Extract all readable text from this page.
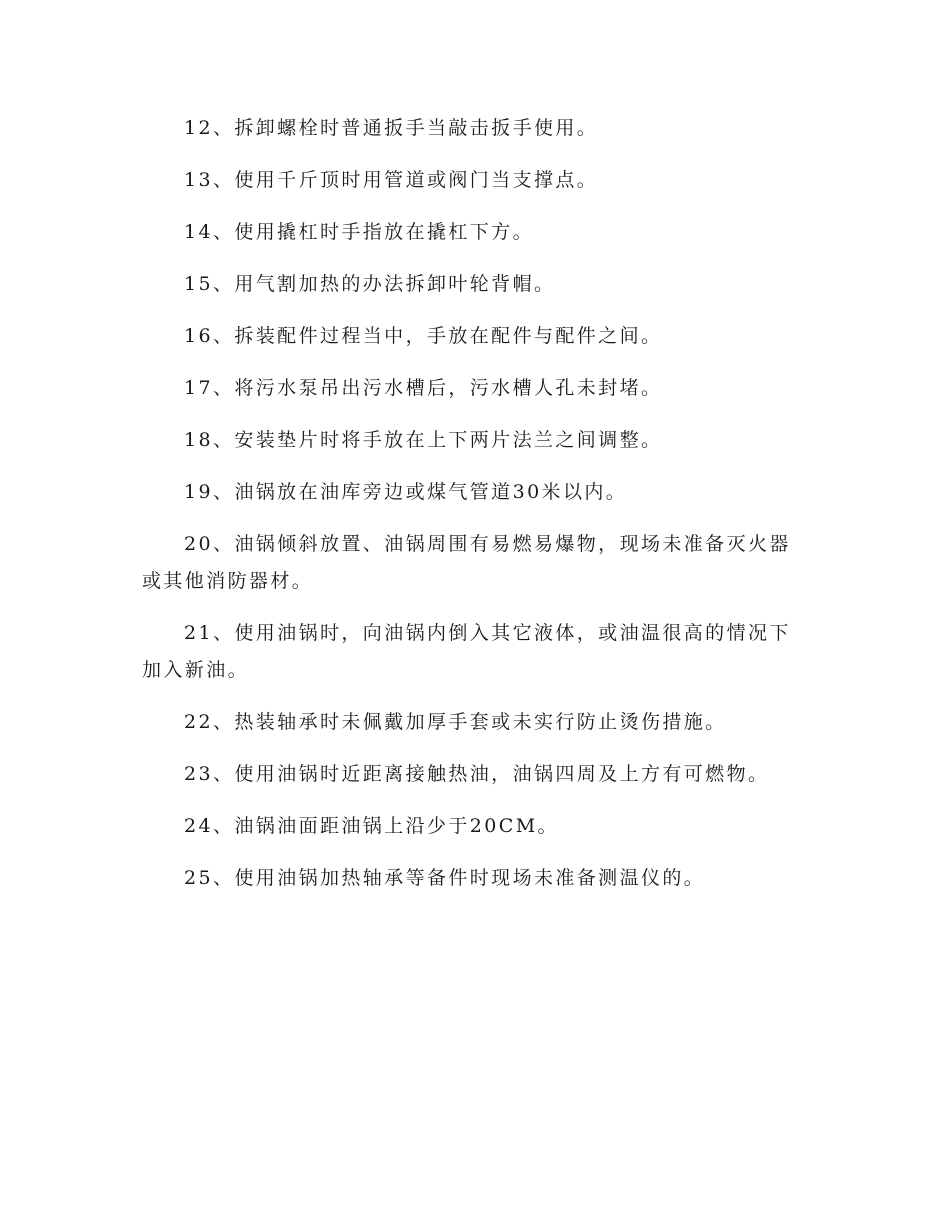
12、拆卸螺栓时普通扳手当敲击扳手使用。
13、使用千斤顶时用管道或阀门当支撑点。
14、使用撬杠时手指放在撬杠下方。
15、用气割加热的办法拆卸叶轮背帽。
16、拆装配件过程当中，手放在配件与配件之间。
17、将污水泵吊出污水槽后，污水槽人孔未封堵。
18、安装垫片时将手放在上下两片法兰之间调整。
19、油锅放在油库旁边或煤气管道30米以内。
20、油锅倾斜放置、油锅周围有易燃易爆物，现场未准备灭火器或其他消防器材。
21、使用油锅时，向油锅内倒入其它液体，或油温很高的情况下加入新油。
22、热装轴承时未佩戴加厚手套或未实行防止烫伤措施。
23、使用油锅时近距离接触热油，油锅四周及上方有可燃物。
24、油锅油面距油锅上沿少于20CM。
25、使用油锅加热轴承等备件时现场未准备测温仪的。
